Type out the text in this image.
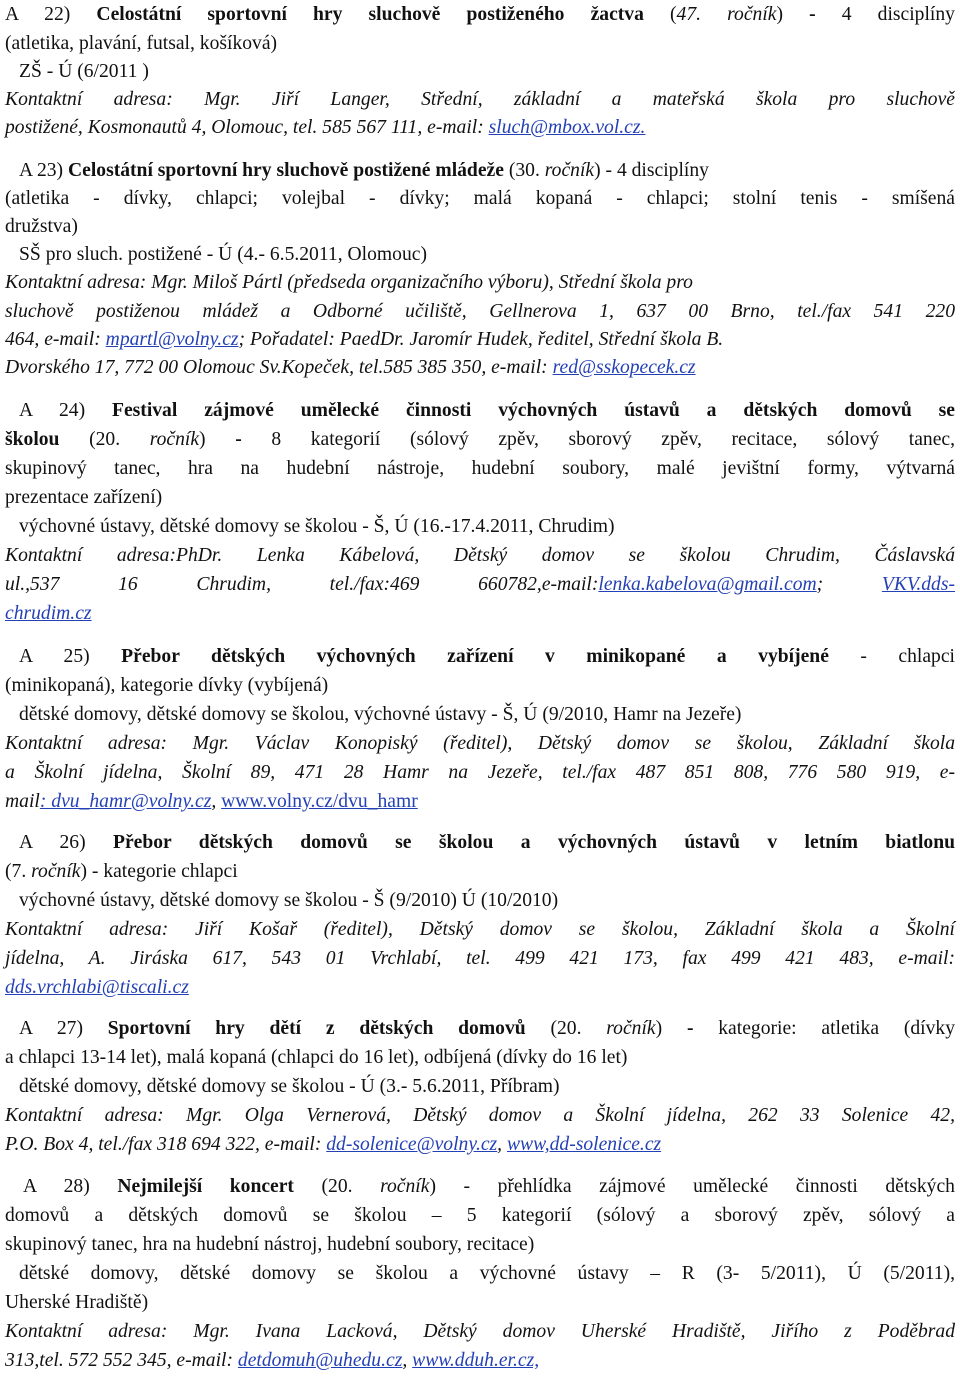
A 22) Celostátní sportovní hry sluchově postiženého žactva (47. ročník) - 4 disciplíny
(atletika, plavání, futsal, košíková)
ZŠ - Ú (6/2011 )
Kontaktní adresa: Mgr. Jiří Langer, Střední, základní a mateřská škola pro sluchově
postižené, Kosmonautů 4, Olomouc, tel. 585 567 111, e-mail: sluch@mbox.vol.cz.
A 23) Celostátní sportovní hry sluchově postižené mládeže (30. ročník) - 4 disciplíny
(atletika - dívky, chlapci; volejbal - dívky; malá kopaná - chlapci; stolní tenis - smíšená
družstva)
SŠ pro sluch. postižené - Ú (4.- 6.5.2011, Olomouc)
Kontaktní adresa: Mgr. Miloš Pártl (předseda organizačního výboru), Střední škola pro
sluchově postiženou mládež a Odborné učiliště, Gellnerova 1, 637 00 Brno, tel./fax 541 220
464, e-mail: mpartl@volny.cz; Pořadatel: PaedDr. Jaromír Hudek, ředitel, Střední škola B.
Dvorského 17, 772 00 Olomouc Sv.Kopeček, tel.585 385 350, e-mail: red@sskopecek.cz
A 24) Festival zájmové umělecké činnosti výchovných ústavů a dětských domovů se
školou (20. ročník) - 8 kategorií (sólový zpěv, sborový zpěv, recitace, sólový tanec,
skupinový tanec, hra na hudební nástroje, hudební soubory, malé jevištní formy, výtvarná
prezentace zařízení)
výchovné ústavy, dětské domovy se školou - Š, Ú (16.-17.4.2011, Chrudim)
Kontaktní adresa:PhDr. Lenka Kábelová, Dětský domov se školou Chrudim, Čáslavská
ul.,537 16 Chrudim, tel./fax:469 660782,e-mail:lenka.kabelova@gmail.com; VKV.dds-
chrudim.cz
A 25) Přebor dětských výchovných zařízení v minikopané a vybíjené - chlapci
(minikopaná), kategorie dívky (vybíjená)
dětské domovy, dětské domovy se školou, výchovné ústavy - Š, Ú (9/2010, Hamr na Jezeře)
Kontaktní adresa: Mgr. Václav Konopiský (ředitel), Dětský domov se školou, Základní škola
a Školní jídelna, Školní 89, 471 28 Hamr na Jezeře, tel./fax 487 851 808, 776 580 919, e-
mail: dvu_hamr@volny.cz, www.volny.cz/dvu_hamr
A 26) Přebor dětských domovů se školou a výchovných ústavů v letním biatlonu
(7. ročník) - kategorie chlapci
výchovné ústavy, dětské domovy se školou - Š (9/2010) Ú (10/2010)
Kontaktní adresa: Jiří Košař (ředitel), Dětský domov se školou, Základní škola a Školní
jídelna, A. Jiráska 617, 543 01 Vrchlabí, tel. 499 421 173, fax 499 421 483, e-mail:
dds.vrchlabi@tiscali.cz
A 27) Sportovní hry dětí z dětských domovů (20. ročník) - kategorie: atletika (dívky
a chlapci 13-14 let), malá kopaná (chlapci do 16 let), odbíjená (dívky do 16 let)
dětské domovy, dětské domovy se školou - Ú (3.- 5.6.2011, Příbram)
Kontaktní adresa: Mgr. Olga Vernerová, Dětský domov a Školní jídelna, 262 33 Solenice 42,
P.O. Box 4, tel./fax 318 694 322, e-mail: dd-solenice@volny.cz, www,dd-solenice.cz
A 28) Nejmilejší koncert (20. ročník) - přehlídka zájmové umělecké činnosti dětských
domovů a dětských domovů se školou – 5 kategorií (sólový a sborový zpěv, sólový a
skupinový tanec, hra na hudební nástroj, hudební soubory, recitace)
dětské domovy, dětské domovy se školou a výchovné ústavy – R (3- 5/2011), Ú (5/2011),
Uherské Hradiště)
Kontaktní adresa: Mgr. Ivana Lacková, Dětský domov Uherské Hradiště, Jiřího z Poděbrad
313,tel. 572 552 345, e-mail: detdomuh@uhedu.cz, www.dduh.er.cz,
